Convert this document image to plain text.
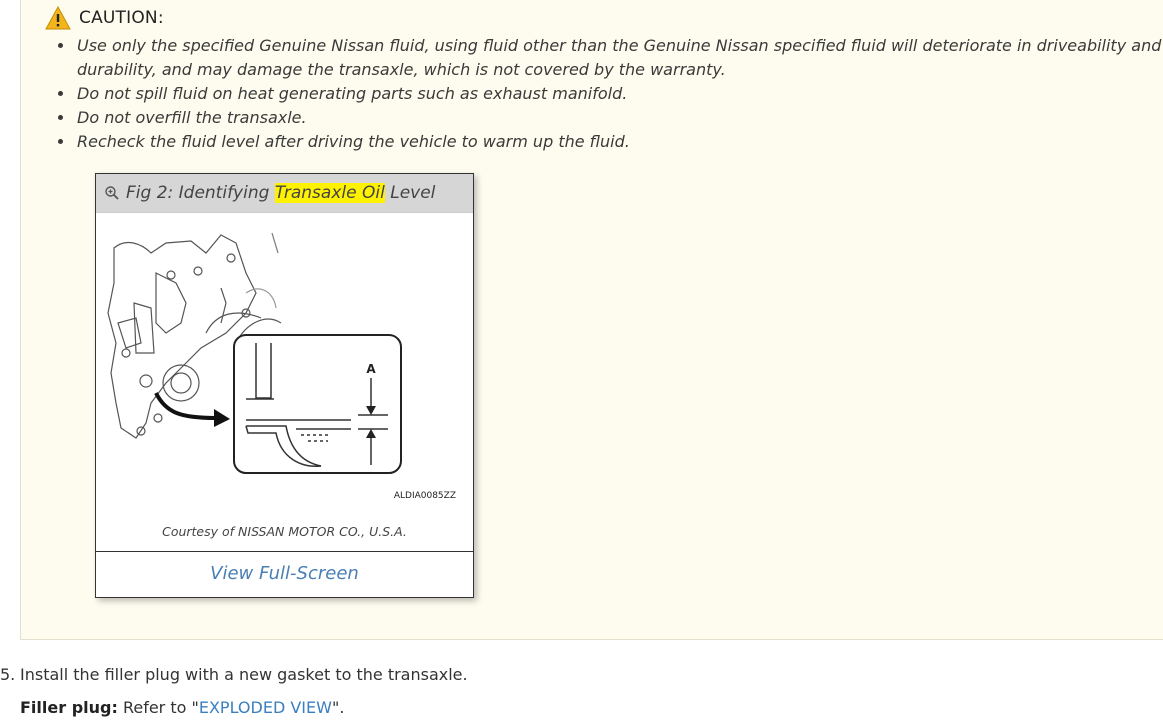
CAUTION:
• Use only the specified Genuine Nissan fluid, using fluid other than the Genuine Nissan specified fluid will deteriorate in driveability and durability, and may damage the transaxle, which is not covered by the warranty.
• Do not spill fluid on heat generating parts such as exhaust manifold.
• Do not overfill the transaxle.
• Recheck the fluid level after driving the vehicle to warm up the fluid.
Fig 2: Identifying Transaxle Oil Level
A
ALDIA0085ZZ
Courtesy of NISSAN MOTOR CO., U.S.A.
View Full-Screen
5. Install the filler plug with a new gasket to the transaxle.
Filler plug: Refer to "EXPLODED VIEW".
